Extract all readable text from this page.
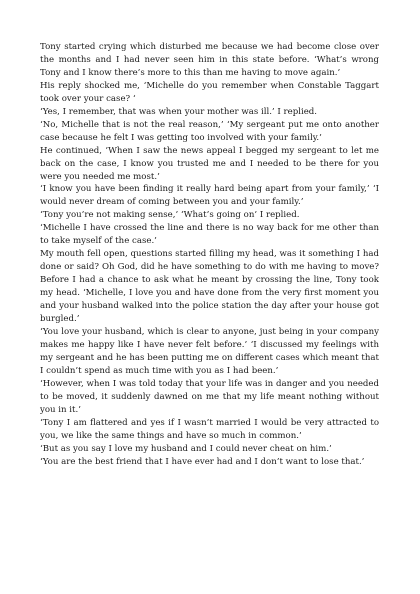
Tony started crying which disturbed me because we had become close over the months and I had never seen him in this state before. ‘What’s wrong Tony and I know there’s more to this than me having to move again.’

His reply shocked me, ‘Michelle do you remember when Constable Taggart took over your case? ‘

‘Yes, I remember, that was when your mother was ill.’ I replied.

‘No, Michelle that is not the real reason,’ ‘My sergeant put me onto another case because he felt I was getting too involved with your family.’

He continued, ’When I saw the news appeal I begged my sergeant to let me back on the case, I know you trusted me and I needed to be there for you were you needed me most.’

‘I know you have been finding it really hard being apart from your family,’ ‘I would never dream of coming between you and your family.’

‘Tony you’re not making sense,’ ‘What’s going on’ I replied.

‘Michelle I have crossed the line and there is no way back for me other than to take myself of the case.’

My mouth fell open, questions started filling my head, was it something I had done or said? Oh God, did he have something to do with me having to move? Before I had a chance to ask what he meant by crossing the line, Tony took my head. ‘Michelle, I love you and have done from the very first moment you and your husband walked into the police station the day after your house got burgled.’

‘You love your husband, which is clear to anyone, just being in your company makes me happy like I have never felt before.’ ‘I discussed my feelings with my sergeant and he has been putting me on different cases which meant that I couldn’t spend as much time with you as I had been.’

‘However, when I was told today that your life was in danger and you needed to be moved, it suddenly dawned on me that my life meant nothing without you in it.’

‘Tony I am flattered and yes if I wasn’t married I would be very attracted to you, we like the same things and have so much in common.’

‘But as you say I love my husband and I could never cheat on him.’

‘You are the best friend that I have ever had and I don’t want to lose that.’
